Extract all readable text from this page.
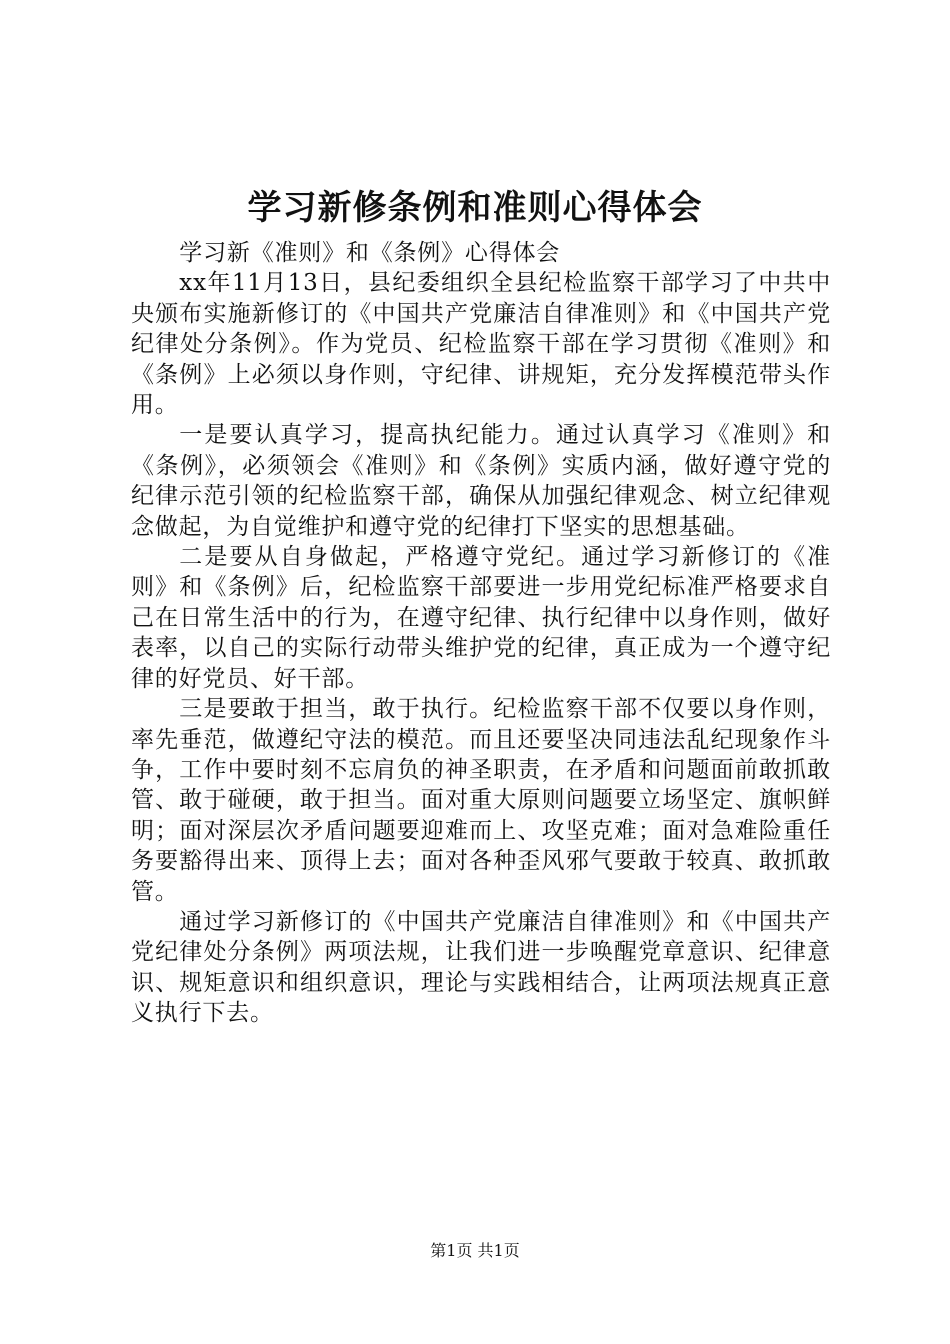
学习新修条例和准则心得体会

学习新《准则》和《条例》心得体会

xx年11月13日，县纪委组织全县纪检监察干部学习了中共中央颁布实施新修订的《中国共产党廉洁自律准则》和《中国共产党纪律处分条例》。作为党员、纪检监察干部在学习贯彻《准则》和《条例》上必须以身作则，守纪律、讲规矩，充分发挥模范带头作用。

一是要认真学习，提高执纪能力。通过认真学习《准则》和《条例》，必须领会《准则》和《条例》实质内涵，做好遵守党的纪律示范引领的纪检监察干部，确保从加强纪律观念、树立纪律观念做起，为自觉维护和遵守党的纪律打下坚实的思想基础。

二是要从自身做起，严格遵守党纪。通过学习新修订的《准则》和《条例》后，纪检监察干部要进一步用党纪标准严格要求自己在日常生活中的行为，在遵守纪律、执行纪律中以身作则，做好表率，以自己的实际行动带头维护党的纪律，真正成为一个遵守纪律的好党员、好干部。

三是要敢于担当，敢于执行。纪检监察干部不仅要以身作则，率先垂范，做遵纪守法的模范。而且还要坚决同违法乱纪现象作斗争，工作中要时刻不忘肩负的神圣职责，在矛盾和问题面前敢抓敢管、敢于碰硬，敢于担当。面对重大原则问题要立场坚定、旗帜鲜明；面对深层次矛盾问题要迎难而上、攻坚克难；面对急难险重任务要豁得出来、顶得上去；面对各种歪风邪气要敢于较真、敢抓敢管。

通过学习新修订的《中国共产党廉洁自律准则》和《中国共产党纪律处分条例》两项法规，让我们进一步唤醒党章意识、纪律意识、规矩意识和组织意识，理论与实践相结合，让两项法规真正意义执行下去。

第1页 共1页
